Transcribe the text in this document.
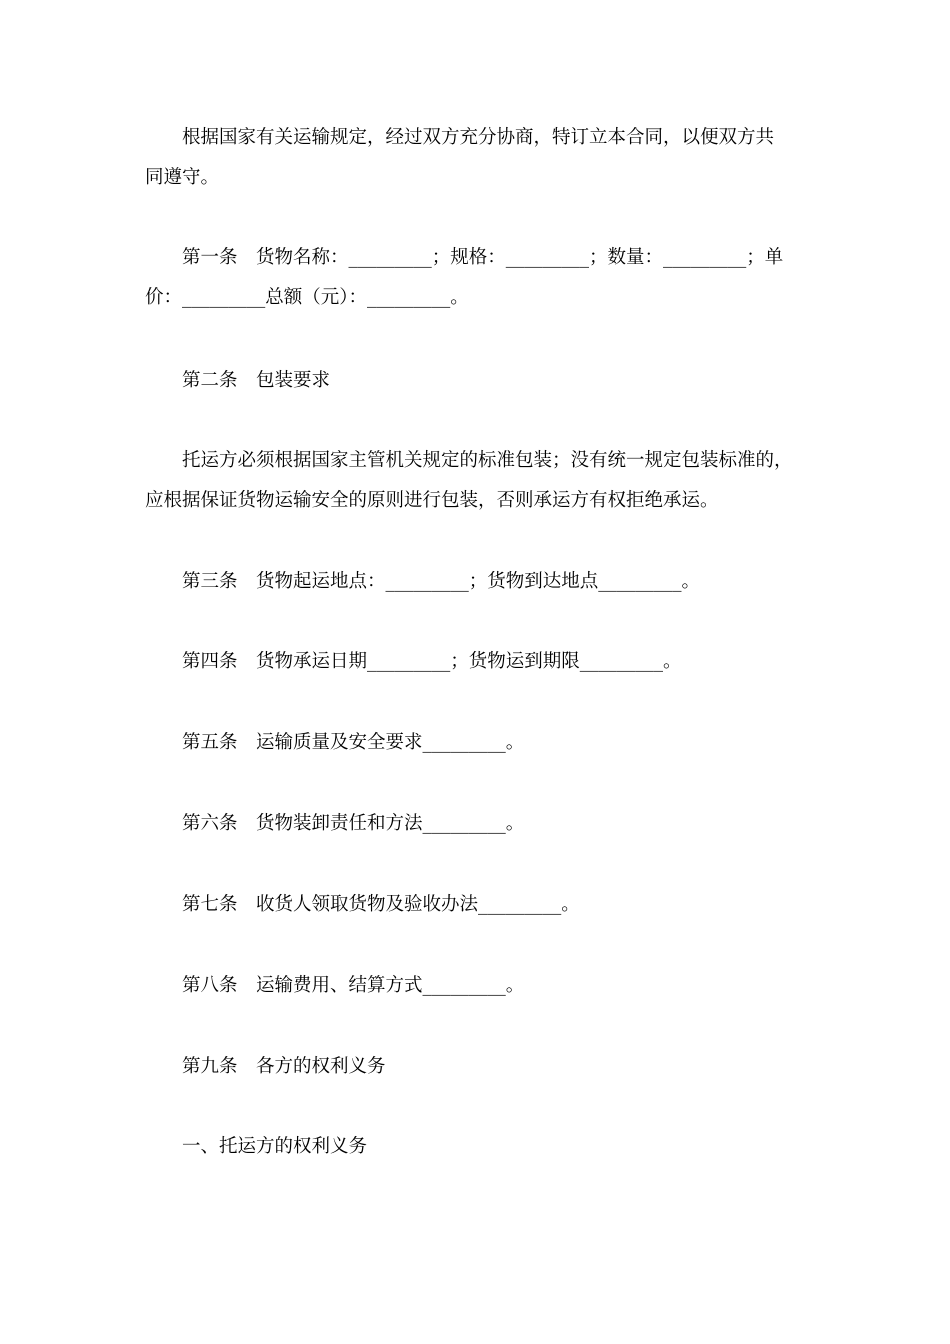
根据国家有关运输规定，经过双方充分协商，特订立本合同，以便双方共
同遵守。
第一条　货物名称：_________；规格：_________；数量：_________；单
价：_________总额（元）：_________。
第二条　包装要求
托运方必须根据国家主管机关规定的标准包装；没有统一规定包装标准的，
应根据保证货物运输安全的原则进行包装，否则承运方有权拒绝承运。
第三条　货物起运地点：_________；货物到达地点_________。
第四条　货物承运日期_________；货物运到期限_________。
第五条　运输质量及安全要求_________。
第六条　货物装卸责任和方法_________。
第七条　收货人领取货物及验收办法_________。
第八条　运输费用、结算方式_________。
第九条　各方的权利义务
一、托运方的权利义务
